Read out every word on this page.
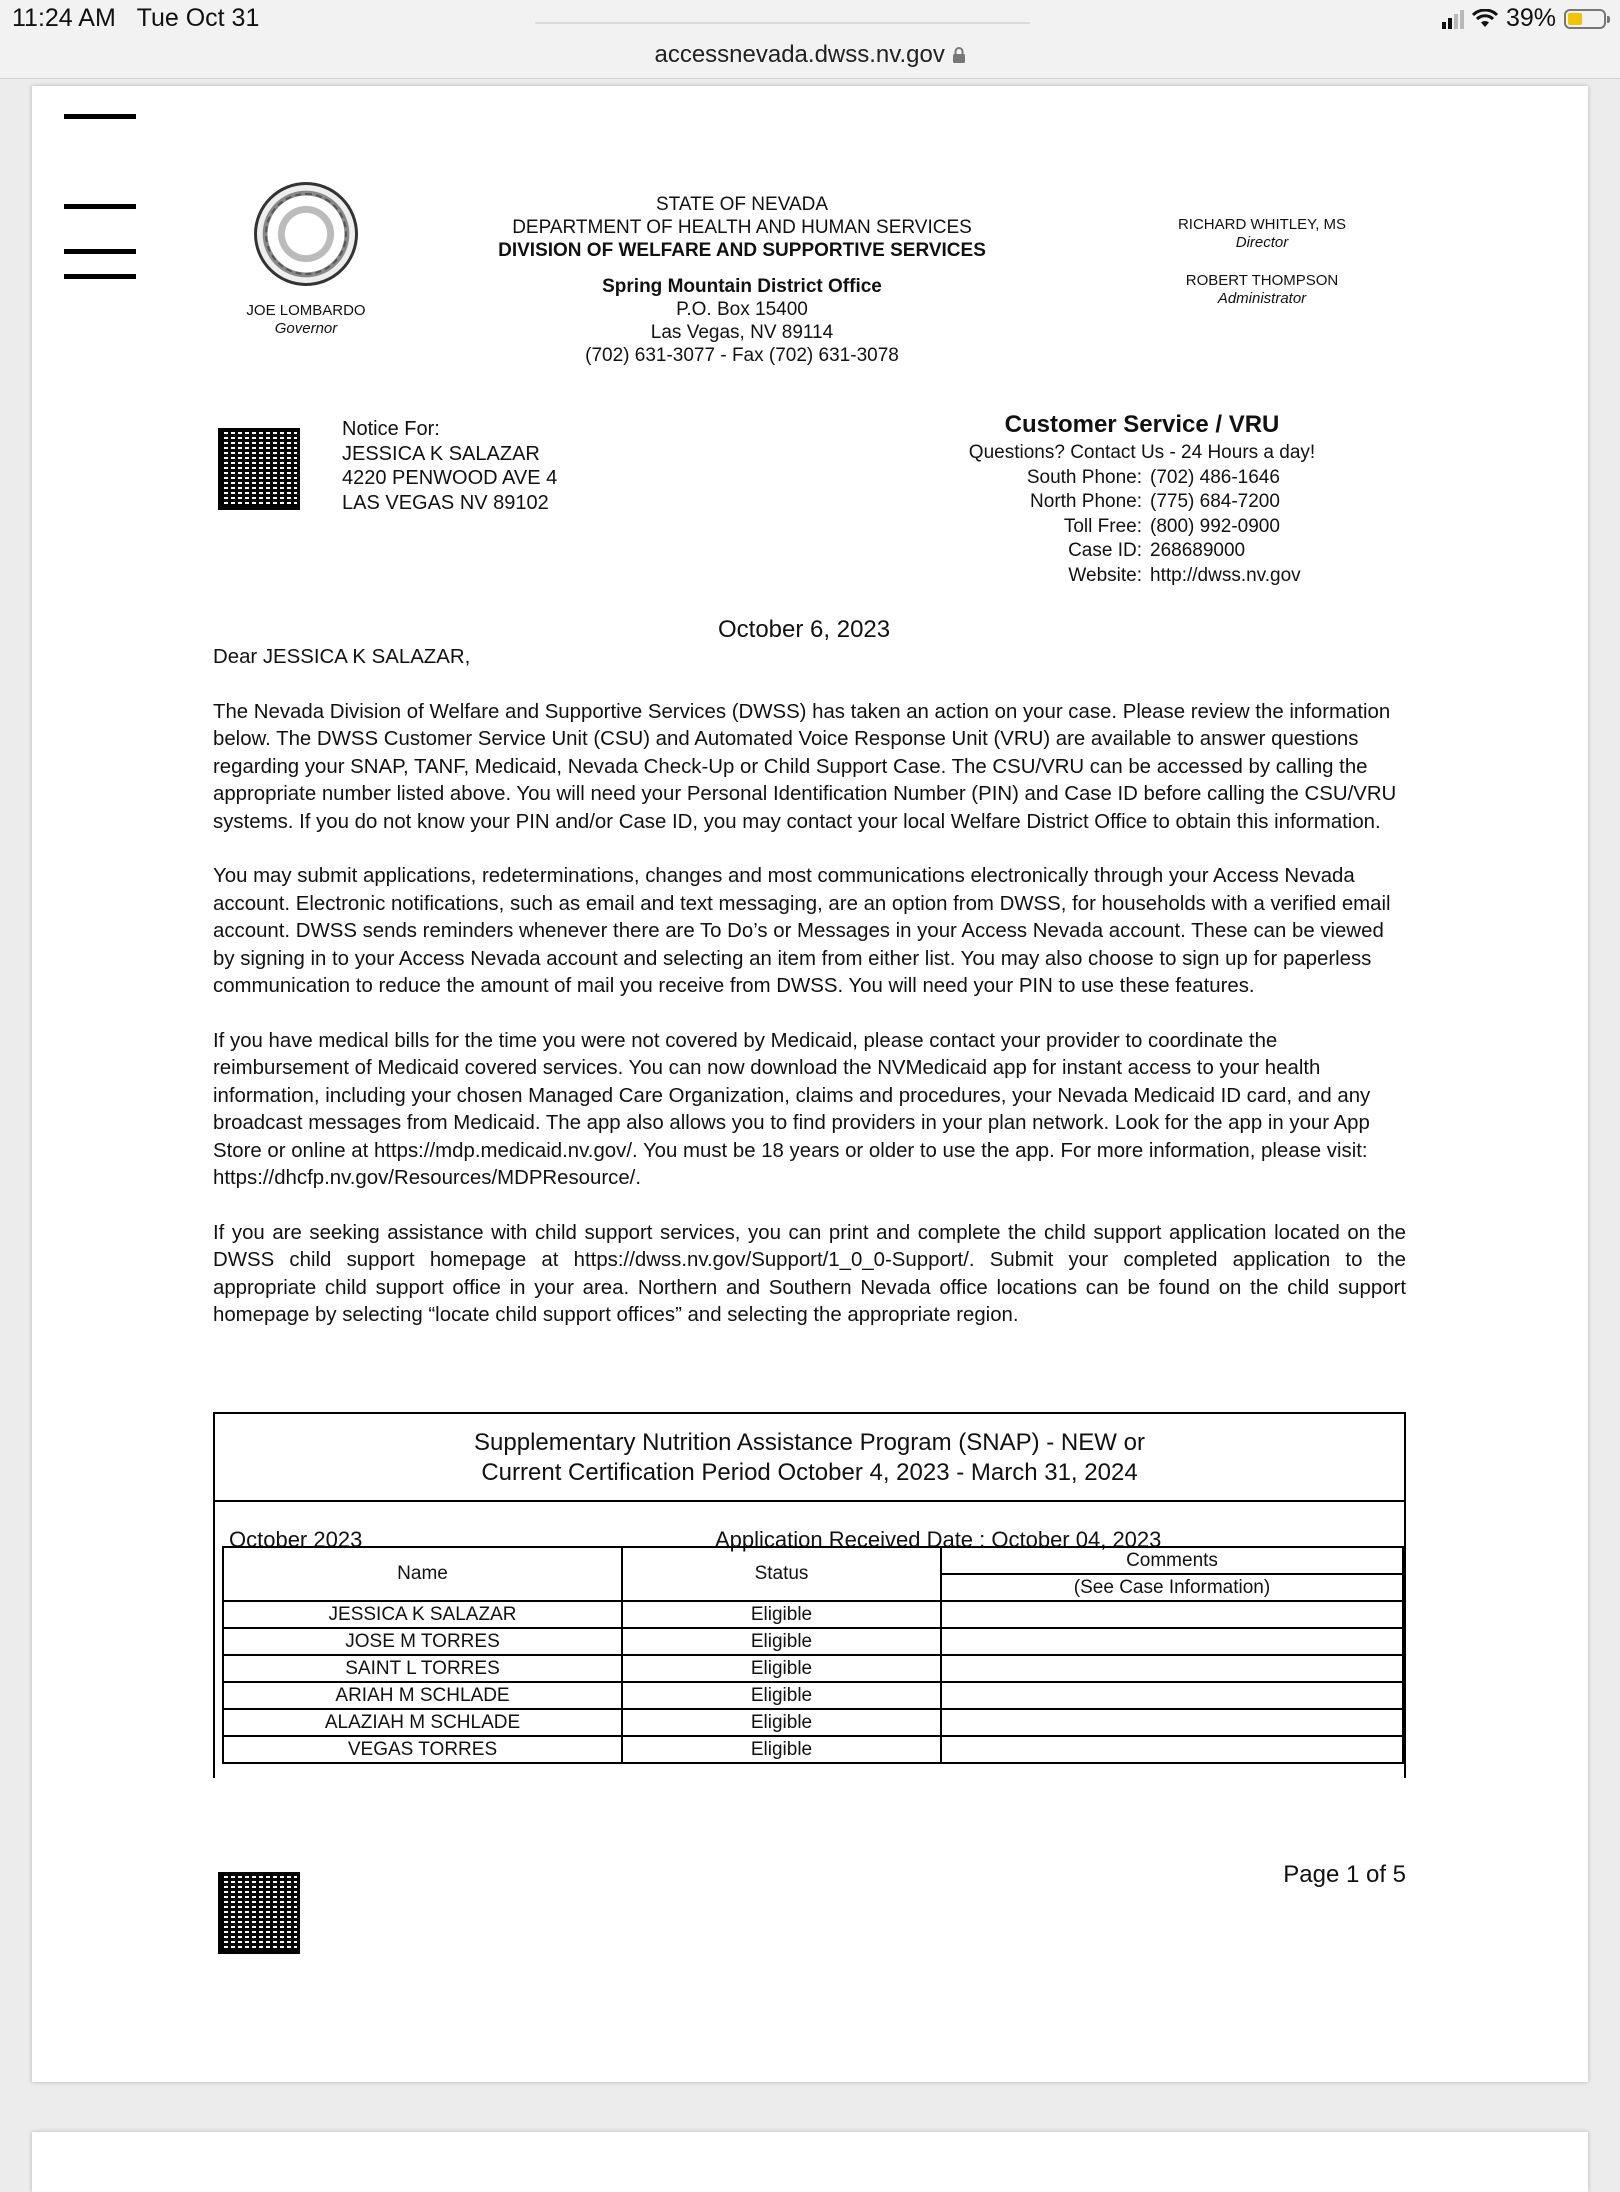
11:24 AM Tue Oct 31	39%
accessnevada.dwss.nv.gov
JOE LOMBARDO
Governor
STATE OF NEVADA
DEPARTMENT OF HEALTH AND HUMAN SERVICES
DIVISION OF WELFARE AND SUPPORTIVE SERVICES
Spring Mountain District Office
P.O. Box 15400
Las Vegas, NV 89114
(702) 631-3077 - Fax (702) 631-3078
RICHARD WHITLEY, MS
Director
ROBERT THOMPSON
Administrator
Notice For:
JESSICA K SALAZAR
4220 PENWOOD AVE 4
LAS VEGAS NV 89102
Customer Service / VRU
Questions? Contact Us - 24 Hours a day!
South Phone: (702) 486-1646
North Phone: (775) 684-7200
Toll Free: (800) 992-0900
Case ID: 268689000
Website: http://dwss.nv.gov
October 6, 2023

Dear JESSICA K SALAZAR,

The Nevada Division of Welfare and Supportive Services (DWSS) has taken an action on your case. Please review the information below. The DWSS Customer Service Unit (CSU) and Automated Voice Response Unit (VRU) are available to answer questions regarding your SNAP, TANF, Medicaid, Nevada Check-Up or Child Support Case. The CSU/VRU can be accessed by calling the appropriate number listed above. You will need your Personal Identification Number (PIN) and Case ID before calling the CSU/VRU systems. If you do not know your PIN and/or Case ID, you may contact your local Welfare District Office to obtain this information.

You may submit applications, redeterminations, changes and most communications electronically through your Access Nevada account. Electronic notifications, such as email and text messaging, are an option from DWSS, for households with a verified email account. DWSS sends reminders whenever there are To Do’s or Messages in your Access Nevada account. These can be viewed by signing in to your Access Nevada account and selecting an item from either list. You may also choose to sign up for paperless communication to reduce the amount of mail you receive from DWSS. You will need your PIN to use these features.

If you have medical bills for the time you were not covered by Medicaid, please contact your provider to coordinate the reimbursement of Medicaid covered services. You can now download the NVMedicaid app for instant access to your health information, including your chosen Managed Care Organization, claims and procedures, your Nevada Medicaid ID card, and any broadcast messages from Medicaid. The app also allows you to find providers in your plan network. Look for the app in your App Store or online at https://mdp.medicaid.nv.gov/. You must be 18 years or older to use the app. For more information, please visit: https://dhcfp.nv.gov/Resources/MDPResource/.

If you are seeking assistance with child support services, you can print and complete the child support application located on the DWSS child support homepage at https://dwss.nv.gov/Support/1_0_0-Support/. Submit your completed application to the appropriate child support office in your area. Northern and Southern Nevada office locations can be found on the child support homepage by selecting “locate child support offices” and selecting the appropriate region.

Supplementary Nutrition Assistance Program (SNAP) - NEW or
Current Certification Period October 4, 2023 - March 31, 2024
October 2023	Application Received Date : October 04, 2023
Name	Status	Comments
		(See Case Information)
JESSICA K SALAZAR	Eligible	
JOSE M TORRES	Eligible	
SAINT L TORRES	Eligible	
ARIAH M SCHLADE	Eligible	
ALAZIAH M SCHLADE	Eligible	
VEGAS TORRES	Eligible	
Page 1 of 5
